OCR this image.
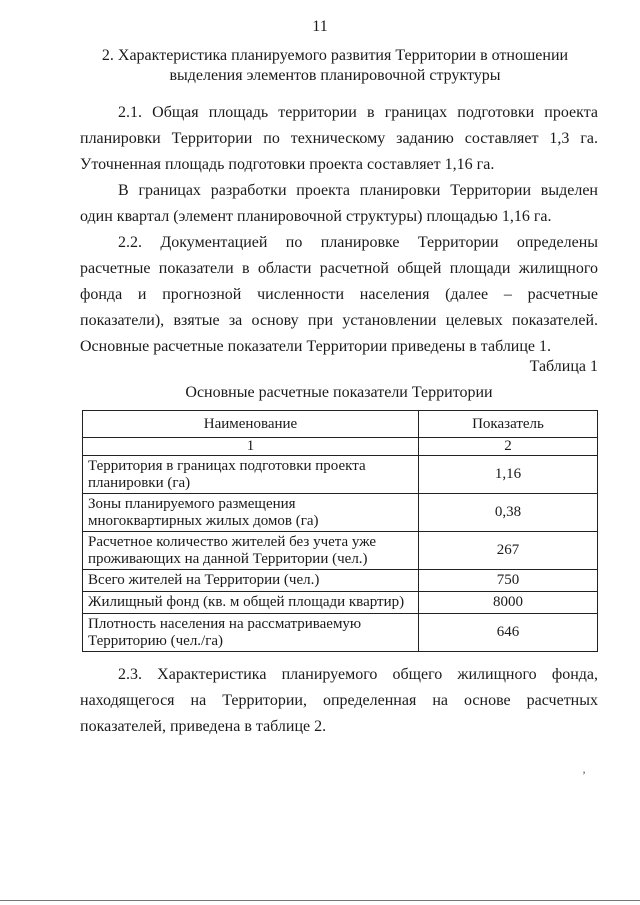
11
2. Характеристика планируемого развития Территории в отношении выделения элементов планировочной структуры

2.1. Общая площадь территории в границах подготовки проекта планировки Территории по техническому заданию составляет 1,3 га. Уточненная площадь подготовки проекта составляет 1,16 га.

В границах разработки проекта планировки Территории выделен один квартал (элемент планировочной структуры) площадью 1,16 га.

2.2. Документацией по планировке Территории определены расчетные показатели в области расчетной общей площади жилищного фонда и прогнозной численности населения (далее – расчетные показатели), взятые за основу при установлении целевых показателей. Основные расчетные показатели Территории приведены в таблице 1.

Таблица 1
Основные расчетные показатели Территории
Наименование	Показатель
1	2
Территория в границах подготовки проекта планировки (га)	1,16
Зоны планируемого размещения многоквартирных жилых домов (га)	0,38
Расчетное количество жителей без учета уже проживающих на данной Территории (чел.)	267
Всего жителей на Территории (чел.)	750
Жилищный фонд (кв. м общей площади квартир)	8000
Плотность населения на рассматриваемую Территорию (чел./га)	646

2.3. Характеристика планируемого общего жилищного фонда, находящегося на Территории, определенная на основе расчетных показателей, приведена в таблице 2.

’
